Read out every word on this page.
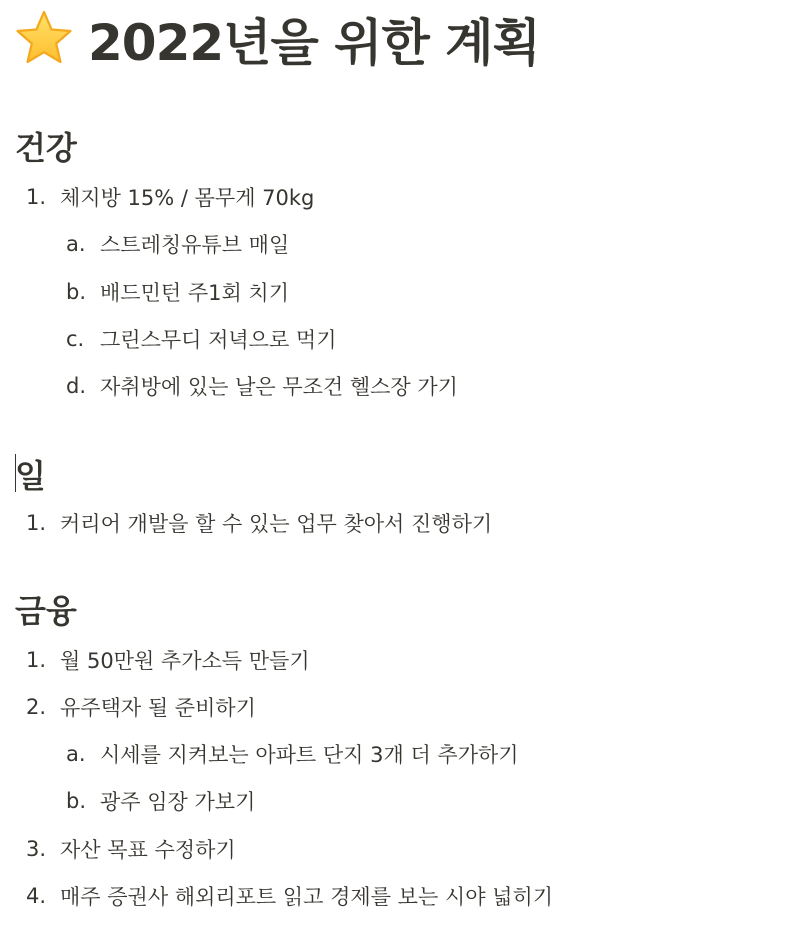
2022년을 위한 계획
건강
1. 체지방 15% / 몸무게 70kg
a. 스트레칭유튜브 매일
b. 배드민턴 주1회 치기
c. 그린스무디 저녁으로 먹기
d. 자취방에 있는 날은 무조건 헬스장 가기
일
1. 커리어 개발을 할 수 있는 업무 찾아서 진행하기
금융
1. 월 50만원 추가소득 만들기
2. 유주택자 될 준비하기
a. 시세를 지켜보는 아파트 단지 3개 더 추가하기
b. 광주 임장 가보기
3. 자산 목표 수정하기
4. 매주 증권사 해외리포트 읽고 경제를 보는 시야 넓히기
